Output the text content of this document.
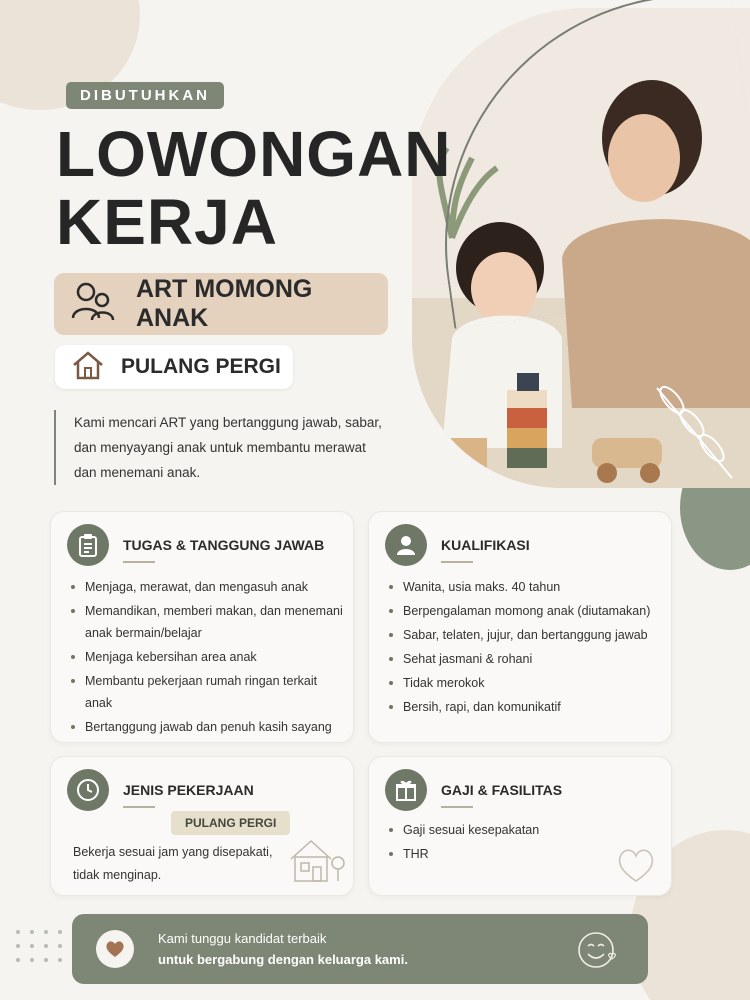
DIBUTUHKAN
LOWONGAN
KERJA
ART MOMONG ANAK
PULANG PERGI
Kami mencari ART yang bertanggung jawab, sabar, dan menyayangi anak untuk membantu merawat dan menemani anak.
TUGAS & TANGGUNG JAWAB
Menjaga, merawat, dan mengasuh anak
Memandikan, memberi makan, dan menemani anak bermain/belajar
Menjaga kebersihan area anak
Membantu pekerjaan rumah ringan terkait anak
Bertanggung jawab dan penuh kasih sayang
KUALIFIKASI
Wanita, usia maks. 40 tahun
Berpengalaman momong anak (diutamakan)
Sabar, telaten, jujur, dan bertanggung jawab
Sehat jasmani & rohani
Tidak merokok
Bersih, rapi, dan komunikatif
JENIS PEKERJAAN
PULANG PERGI

Bekerja sesuai jam yang disepakati, tidak menginap.

GAJI & FASILITAS
Gaji sesuai kesepakatan
THR
Kami tunggu kandidat terbaik
untuk bergabung dengan keluarga kami.
